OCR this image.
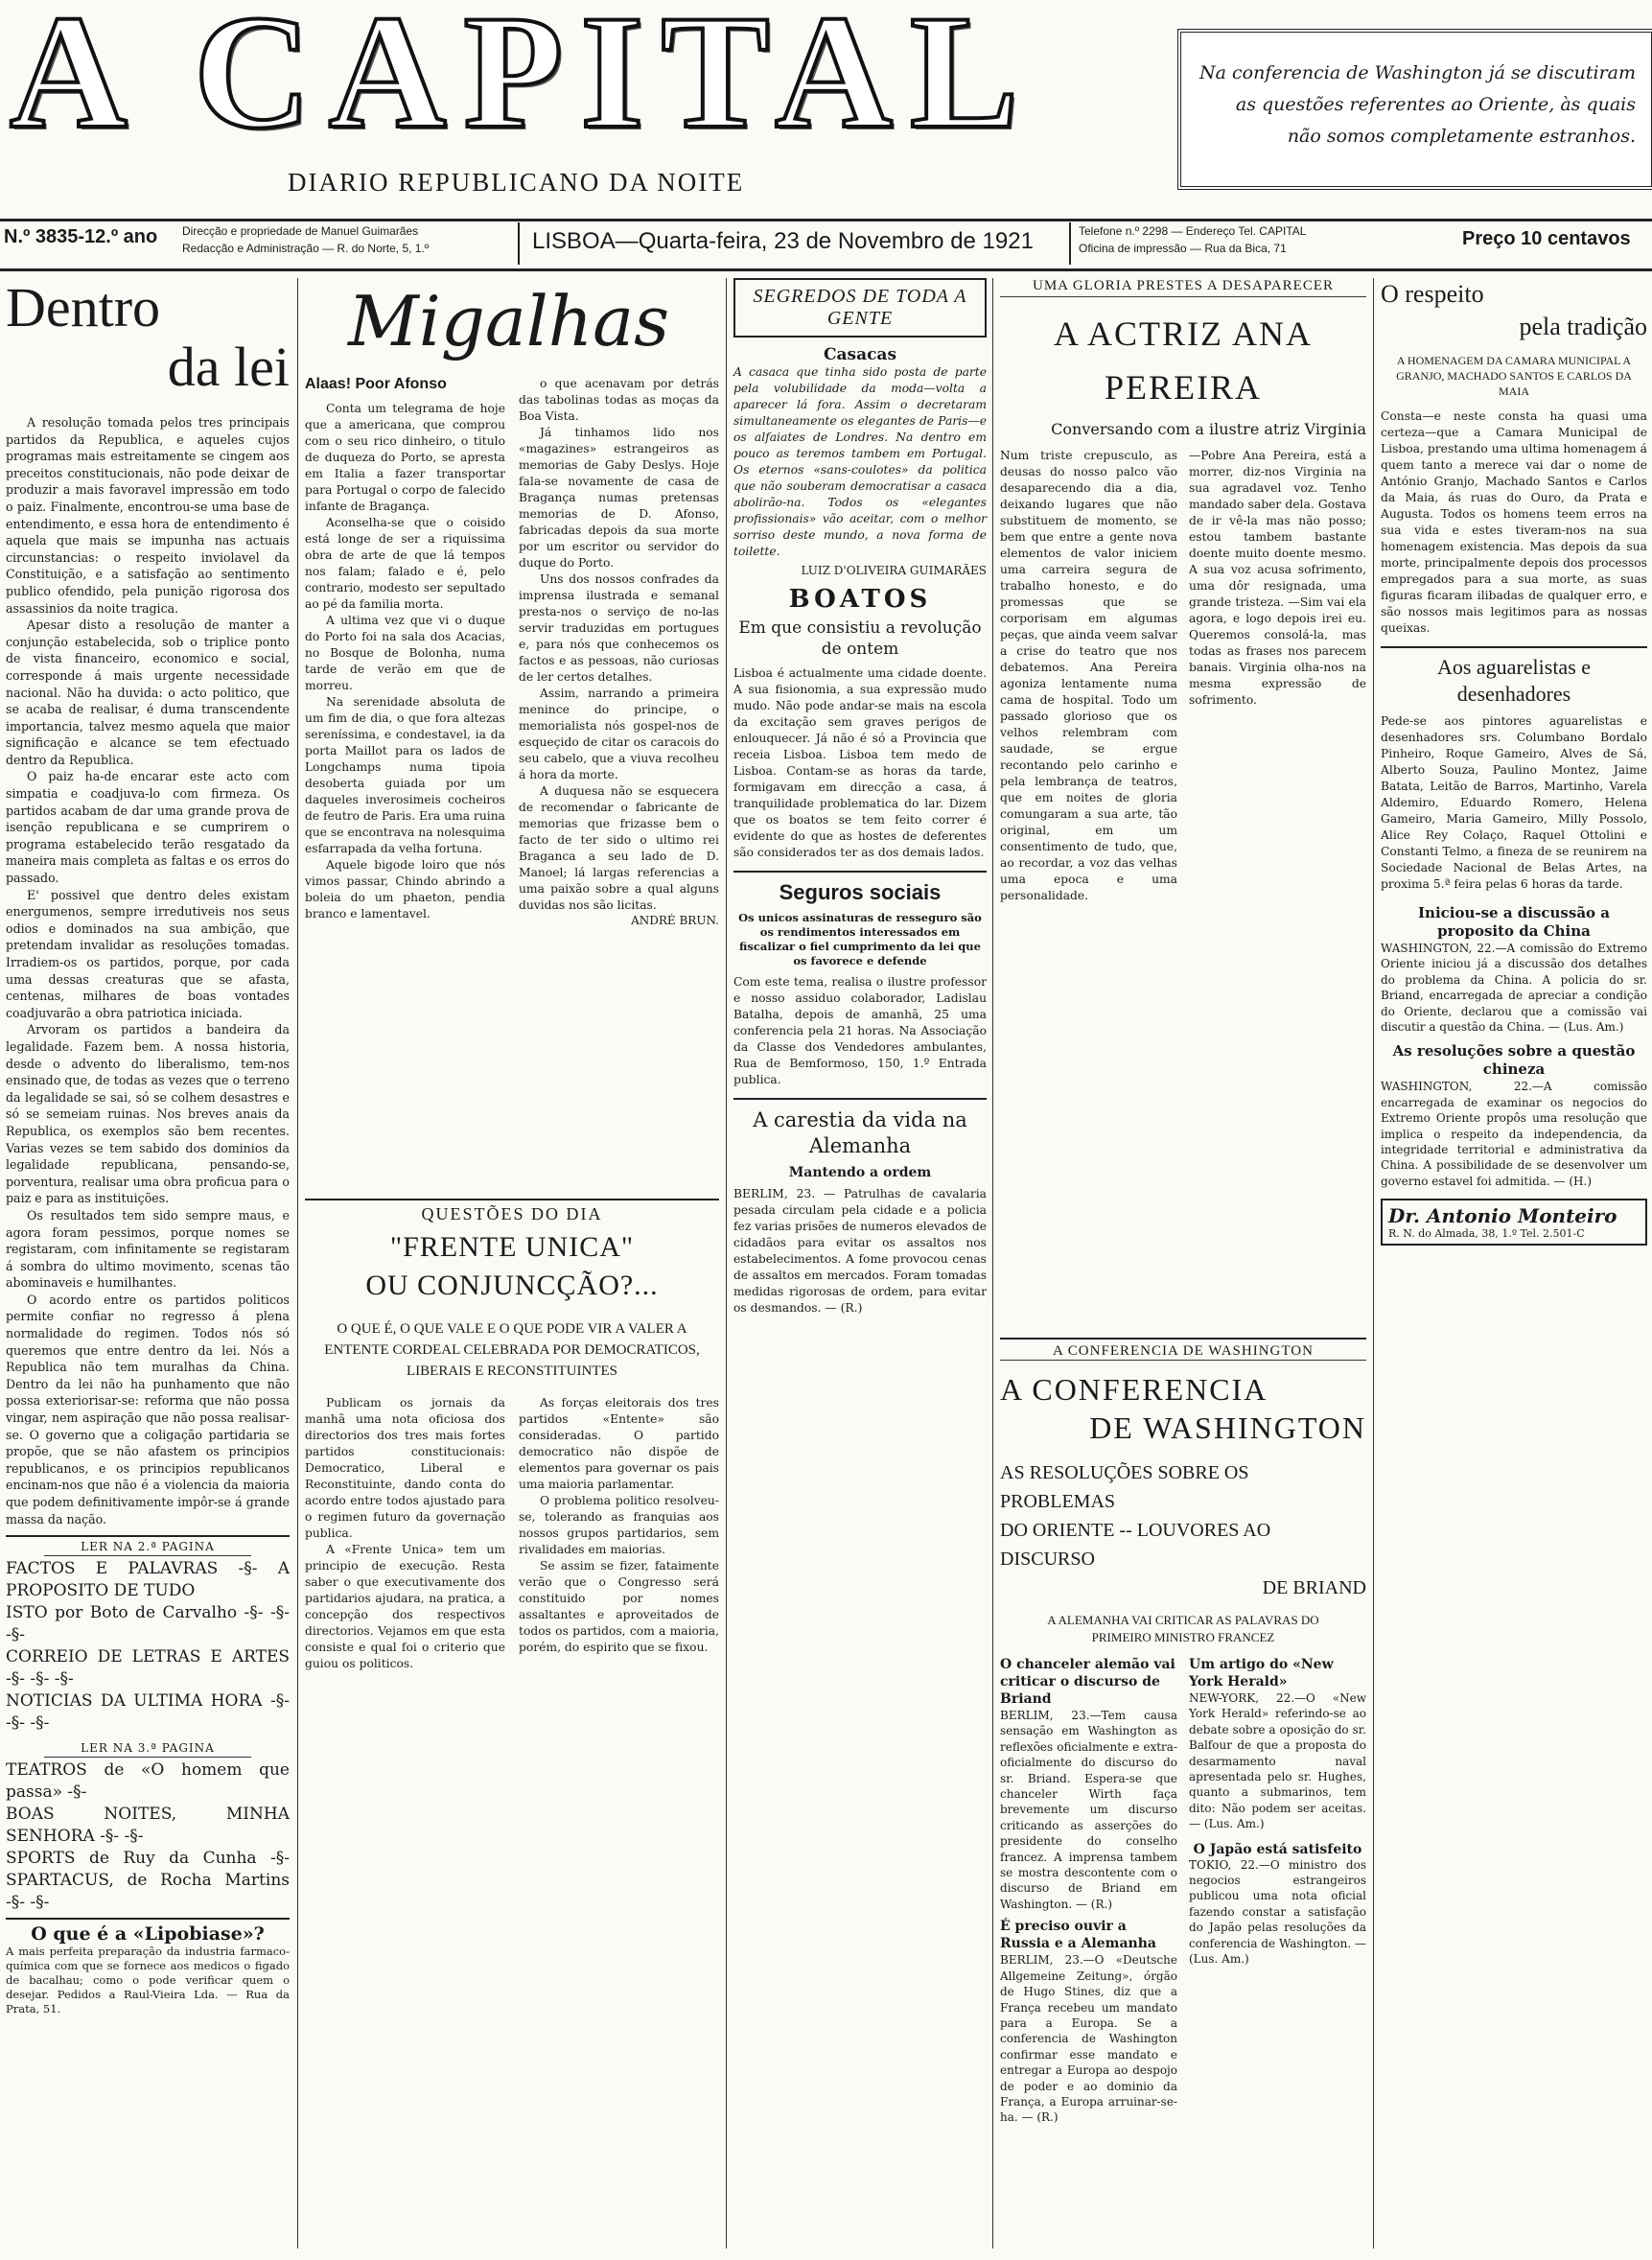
A CAPITAL
DIARIO REPUBLICANO DA NOITE
Na conferencia de Washington já se discutiram as questões referentes ao Oriente, às quais não somos completamente estranhos.
N.º 3835-12.º ano Direcção e propriedade de Manuel Guimarães
Redacção e Administração — R. do Norte, 5, 1.º	LISBOA—Quarta-feira, 23 de Novembro de 1921	Telefone n.º 2298 — Endereço Tel. CAPITAL
Oficina de impressão — Rua da Bica, 71	Preço 10 centavos
Dentro
da lei

A resolução tomada pelos tres principais partidos da Republica, e aqueles cujos programas mais estreitamente se cingem aos preceitos constitucionais, não pode deixar de produzir a mais favoravel impressão em todo o paiz. Finalmente, encontrou-se uma base de entendimento, e essa hora de entendimento é aquela que mais se impunha nas actuais circunstancias: o respeito inviolavel da Constituição, e a satisfação ao sentimento publico ofendido, pela punição rigorosa dos assassinios da noite tragica.

Apesar disto a resolução de manter a conjunção estabelecida, sob o triplice ponto de vista financeiro, economico e social, corresponde á mais urgente necessidade nacional. Não ha duvida: o acto politico, que se acaba de realisar, é duma transcendente importancia, talvez mesmo aquela que maior significação e alcance se tem efectuado dentro da Republica.

O paiz ha-de encarar este acto com simpatia e coadjuva-lo com firmeza. Os partidos acabam de dar uma grande prova de isenção republicana e se cumprirem o programa estabelecido terão resgatado da maneira mais completa as faltas e os erros do passado.

E' possivel que dentro deles existam energumenos, sempre irredutiveis nos seus odios e dominados na sua ambição, que pretendam invalidar as resoluções tomadas. Irradiem-os os partidos, porque, por cada uma dessas creaturas que se afasta, centenas, milhares de boas vontades coadjuvarão a obra patriotica iniciada.

Arvoram os partidos a bandeira da legalidade. Fazem bem. A nossa historia, desde o advento do liberalismo, tem-nos ensinado que, de todas as vezes que o terreno da legalidade se sai, só se colhem desastres e só se semeiam ruinas. Nos breves anais da Republica, os exemplos são bem recentes. Varias vezes se tem sabido dos dominios da legalidade republicana, pensando-se, porventura, realisar uma obra proficua para o paiz e para as instituições.

Os resultados tem sido sempre maus, e agora foram pessimos, porque nomes se registaram, com infinitamente se registaram á sombra do ultimo movimento, scenas tão abominaveis e humilhantes.

O acordo entre os partidos politicos permite confiar no regresso á plena normalidade do regimen. Todos nós só queremos que entre dentro da lei. Nós a Republica não tem muralhas da China. Dentro da lei não ha punhamento que não possa exteriorisar-se: reforma que não possa vingar, nem aspiração que não possa realisar-se. O governo que a coligação partidaria se propõe, que se não afastem os principios republicanos, e os principios republicanos encinam-nos que não é a violencia da maioria que podem definitivamente impôr-se á grande massa da nação.

LER NA 2.ª PAGINA
FACTOS E PALAVRAS -§- A PROPOSITO DE TUDO
ISTO por Boto de Carvalho -§- -§- -§-
CORREIO DE LETRAS E ARTES -§- -§- -§-
NOTICIAS DA ULTIMA HORA -§- -§- -§-
LER NA 3.ª PAGINA
TEATROS de «O homem que passa» -§-
BOAS NOITES, MINHA SENHORA -§- -§-
SPORTS de Ruy da Cunha -§- SPARTACUS, de Rocha Martins -§- -§-
O que é a «Lipobiase»?
A mais perfeita preparação da industria farmaco-química com que se fornece aos medicos o figado de bacalhau; como o pode verificar quem o desejar. Pedidos a Raul-Vieira Lda. — Rua da Prata, 51.
Migalhas
Alaas! Poor Afonso

Conta um telegrama de hoje que a americana, que comprou com o seu rico dinheiro, o titulo de duqueza do Porto, se apresta em Italia a fazer transportar para Portugal o corpo de falecido infante de Bragança.

Aconselha-se que o coisido está longe de ser a riquissima obra de arte de que lá tempos nos falam; falado e é, pelo contrario, modesto ser sepultado ao pé da familia morta.

A ultima vez que vi o duque do Porto foi na sala dos Acacias, no Bosque de Bolonha, numa tarde de verão em que de morreu.

Na serenidade absoluta de um fim de dia, o que fora altezas sereníssima, e condestavel, ia da porta Maillot para os lados de Longchamps numa tipoia desoberta guiada por um daqueles inverosimeis cocheiros de feutro de Paris. Era uma ruina que se encontrava na nolesquima esfarrapada da velha fortuna.

Aquele bigode loiro que nós vimos passar, Chindo abrindo a boleia do um phaeton, pendia branco e lamentavel.

o que acenavam por detrás das tabolinas todas as moças da Boa Vista.

Já tinhamos lido nos «magazines» estrangeiros as memorias de Gaby Deslys. Hoje fala-se novamente de casa de Bragança numas pretensas memorias de D. Afonso, fabricadas depois da sua morte por um escritor ou servidor do duque do Porto.

Uns dos nossos confrades da imprensa ilustrada e semanal presta-nos o serviço de no-las servir traduzidas em portugues e, para nós que conhecemos os factos e as pessoas, não curiosas de ler certos detalhes.

Assim, narrando a primeira menince do principe, o memorialista nós gospel-nos de esqueçido de citar os caracois do seu cabelo, que a viuva recolheu á hora da morte.

A duquesa não se esquecera de recomendar o fabricante de memorias que frizasse bem o facto de ter sido o ultimo rei Braganca a seu lado de D. Manoel; lá largas referencias a uma paixão sobre a qual alguns duvidas nos são licitas.

ANDRÉ BRUN.
QUESTÕES DO DIA
"FRENTE UNICA"
OU CONJUNCÇÃO?...
O QUE É, O QUE VALE E O QUE PODE VIR A VALER A ENTENTE CORDEAL CELEBRADA POR DEMOCRATICOS, LIBERAIS E RECONSTITUINTES

Publicam os jornais da manhã uma nota oficiosa dos directorios dos tres mais fortes partidos constitucionais: Democratico, Liberal e Reconstituinte, dando conta do acordo entre todos ajustado para o regimen futuro da governação publica.

A «Frente Unica» tem um principio de execução. Resta saber o que executivamente dos partidarios ajudara, na pratica, a concepção dos respectivos directorios. Vejamos em que esta consiste e qual foi o criterio que guiou os politicos.

As forças eleitorais dos tres partidos «Entente» são consideradas. O partido democratico não dispõe de elementos para governar os pais uma maioria parlamentar.

O problema politico resolveu-se, tolerando as franquias aos nossos grupos partidarios, sem rivalidades em maiorias.

Se assim se fizer, fataimente verão que o Congresso será constituido por nomes assaltantes e aproveitados de todos os partidos, com a maioria, porém, do espirito que se fixou.

SEGREDOS DE TODA A GENTE
Casacas
A casaca que tinha sido posta de parte pela volubilidade da moda—volta a aparecer lá fora. Assim o decretaram simultaneamente os elegantes de Paris—e os alfaiates de Londres. Na dentro em pouco as teremos tambem em Portugal. Os eternos «sans-coulotes» da politica que não souberam democratisar a casaca abolirão-na. Todos os «elegantes profissionais» vão aceitar, com o melhor sorriso deste mundo, a nova forma de toilette.
LUIZ D'OLIVEIRA GUIMARÃES
BOATOS
Em que consistiu a revolução de ontem
Lisboa é actualmente uma cidade doente. A sua fisionomia, a sua expressão mudo mudo. Não pode andar-se mais na escola da excitação sem graves perigos de enlouquecer. Já não é só a Provincia que receia Lisboa. Lisboa tem medo de Lisboa. Contam-se as horas da tarde, formigavam em direcção a casa, á tranquilidade problematica do lar. Dizem que os boatos se tem feito correr é evidente do que as hostes de deferentes são considerados ter as dos demais lados.
Seguros sociais
Os unicos assinaturas de resseguro são os rendimentos interessados em fiscalizar o fiel cumprimento da lei que os favorece e defende
Com este tema, realisa o ilustre professor e nosso assiduo colaborador, Ladislau Batalha, depois de amanhã, 25 uma conferencia pela 21 horas. Na Associação da Classe dos Vendedores ambulantes, Rua de Bemformoso, 150, 1.º Entrada publica.
A carestia da vida na Alemanha
Mantendo a ordem
BERLIM, 23. — Patrulhas de cavalaria pesada circulam pela cidade e a policia fez varias prisões de numeros elevados de cidadãos para evitar os assaltos nos estabelecimentos. A fome provocou cenas de assaltos em mercados. Foram tomadas medidas rigorosas de ordem, para evitar os desmandos. — (R.)
UMA GLORIA PRESTES A DESAPARECER
A ACTRIZ ANA PEREIRA
Conversando com a ilustre atriz Virginia
Num triste crepusculo, as deusas do nosso palco vão desaparecendo dia a dia, deixando lugares que não substituem de momento, se bem que entre a gente nova elementos de valor iniciem uma carreira segura de trabalho honesto, e do promessas que se corporisam em algumas peças, que ainda veem salvar a crise do teatro que nos debatemos. Ana Pereira agoniza lentamente numa cama de hospital. Todo um passado glorioso que os velhos relembram com saudade, se ergue recontando pelo carinho e pela lembrança de teatros, que em noites de gloria comungaram a sua arte, tão original, em um consentimento de tudo, que, ao recordar, a voz das velhas uma epoca e uma personalidade.
—Pobre Ana Pereira, está a morrer, diz-nos Virginia na sua agradavel voz. Tenho mandado saber dela. Gostava de ir vê-la mas não posso; estou tambem bastante doente muito doente mesmo. A sua voz acusa sofrimento, uma dôr resignada, uma grande tristeza. —Sim vai ela agora, e logo depois irei eu. Queremos consolá-la, mas todas as frases nos parecem banais. Virginia olha-nos na mesma expressão de sofrimento.
A CONFERENCIA DE WASHINGTON
A CONFERENCIA
DE WASHINGTON
AS RESOLUÇÕES SOBRE OS PROBLEMAS
DO ORIENTE -- LOUVORES AO DISCURSO
DE BRIAND
A ALEMANHA VAI CRITICAR AS PALAVRAS DO PRIMEIRO MINISTRO FRANCEZ
O chanceler alemão vai criticar o discurso de Briand
BERLIM, 23.—Tem causa sensação em Washington as reflexões oficialmente e extra-oficialmente do discurso do sr. Briand. Espera-se que chanceler Wirth faça brevemente um discurso criticando as asserções do presidente do conselho francez. A imprensa tambem se mostra descontente com o discurso de Briand em Washington. — (R.)
É preciso ouvir a Russia e a Alemanha
BERLIM, 23.—O «Deutsche Allgemeine Zeitung», órgão de Hugo Stines, diz que a França recebeu um mandato para a Europa. Se a conferencia de Washington confirmar esse mandato e entregar a Europa ao despojo de poder e ao dominio da França, a Europa arruinar-se-ha. — (R.)
Um artigo do «New York Herald»
NEW-YORK, 22.—O «New York Herald» referindo-se ao debate sobre a oposição do sr. Balfour de que a proposta do desarmamento naval apresentada pelo sr. Hughes, quanto a submarinos, tem dito: Não podem ser aceitas. — (Lus. Am.)
O Japão está satisfeito
TOKIO, 22.—O ministro dos negocios estrangeiros publicou uma nota oficial fazendo constar a satisfação do Japão pelas resoluções da conferencia de Washington. — (Lus. Am.)
O respeito
pela tradição
A HOMENAGEM DA CAMARA MUNICIPAL A GRANJO, MACHADO SANTOS E CARLOS DA MAIA
Consta—e neste consta ha quasi uma certeza—que a Camara Municipal de Lisboa, prestando uma ultima homenagem á quem tanto a merece vai dar o nome de António Granjo, Machado Santos e Carlos da Maia, ás ruas do Ouro, da Prata e Augusta. Todos os homens teem erros na sua vida e estes tiveram-nos na sua homenagem existencia. Mas depois da sua morte, principalmente depois dos processos empregados para a sua morte, as suas figuras ficaram ilibadas de qualquer erro, e são nossos mais legitimos para as nossas queixas.
Aos aguarelistas e desenhadores
Pede-se aos pintores aguarelistas e desenhadores srs. Columbano Bordalo Pinheiro, Roque Gameiro, Alves de Sá, Alberto Souza, Paulino Montez, Jaime Batata, Leitão de Barros, Martinho, Varela Aldemiro, Eduardo Romero, Helena Gameiro, Maria Gameiro, Milly Possolo, Alice Rey Colaço, Raquel Ottolini e Constanti Telmo, a fineza de se reunirem na Sociedade Nacional de Belas Artes, na proxima 5.ª feira pelas 6 horas da tarde.
Iniciou-se a discussão a proposito da China
WASHINGTON, 22.—A comissão do Extremo Oriente iniciou já a discussão dos detalhes do problema da China. A policia do sr. Briand, encarregada de apreciar a condição do Oriente, declarou que a comissão vai discutir a questão da China. — (Lus. Am.)
As resoluções sobre a questão chineza
WASHINGTON, 22.—A comissão encarregada de examinar os negocios do Extremo Oriente propôs uma resolução que implica o respeito da independencia, da integridade territorial e administrativa da China. A possibilidade de se desenvolver um governo estavel foi admitida. — (H.)
Dr. Antonio Monteiro
R. N. do Almada, 38, 1.º Tel. 2.501-C
